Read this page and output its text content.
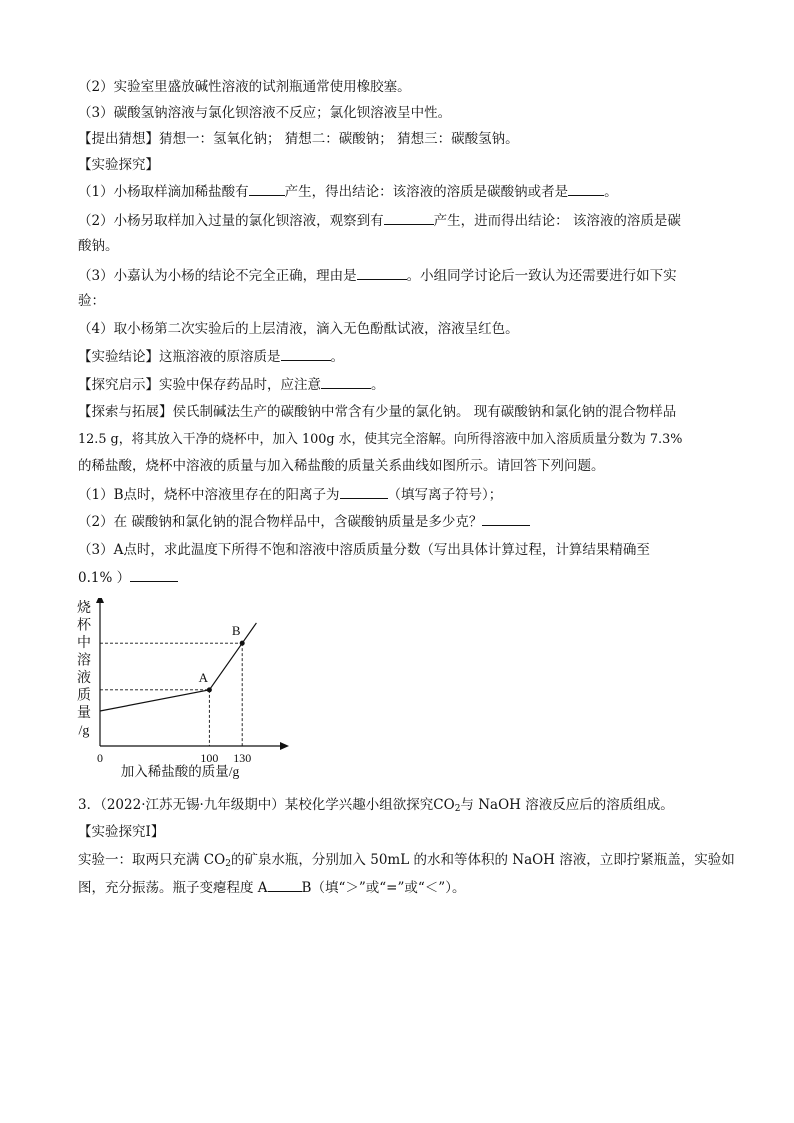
（2）实验室里盛放碱性溶液的试剂瓶通常使用橡胶塞。
（3）碳酸氢钠溶液与氯化钡溶液不反应；氯化钡溶液呈中性。
【提出猜想】猜想一：氢氧化钠； 猜想二：碳酸钠； 猜想三：碳酸氢钠。
【实验探究】
（1）小杨取样滴加稀盐酸有	产生，得出结论：该溶液的溶质是碳酸钠或者是	。
（2）小杨另取样加入过量的氯化钡溶液，观察到有	产生，进而得出结论： 该溶液的溶质是碳
酸钠。
（3）小嘉认为小杨的结论不完全正确，理由是	。小组同学讨论后一致认为还需要进行如下实
验：
（4）取小杨第二次实验后的上层清液，滴入无色酚酞试液，溶液呈红色。
【实验结论】这瓶溶液的原溶质是	。
【探究启示】实验中保存药品时，应注意	。
【探索与拓展】侯氏制碱法生产的碳酸钠中常含有少量的氯化钠。 现有碳酸钠和氯化钠的混合物样品
12.5 g，将其放入干净的烧杯中，加入 100g 水，使其完全溶解。向所得溶液中加入溶质质量分数为 7.3%
的稀盐酸，烧杯中溶液的质量与加入稀盐酸的质量关系曲线如图所示。请回答下列问题。
（1）B点时，烧杯中溶液里存在的阳离子为	（填写离子符号）；
（2）在 碳酸钠和氯化钠的混合物样品中，含碳酸钠质量是多少克？
（3）A点时，求此温度下所得不饱和溶液中溶质质量分数（写出具体计算过程，计算结果精确至
0.1% ）
烧
杯
中
溶
液
质
量
/g
0
A
100
B
130
加入稀盐酸的质量/g
3．（2022·江苏无锡·九年级期中）某校化学兴趣小组欲探究$CO_2$与 NaOH 溶液反应后的溶质组成。
【实验探究Ⅰ】
实验一：取两只充满 $CO_2$的矿泉水瓶，分别加入 50mL 的水和等体积的 NaOH 溶液，立即拧紧瓶盖，实验如
图，充分振荡。瓶子变瘪程度 A	B（填“＞”或“=”或“＜”）。
